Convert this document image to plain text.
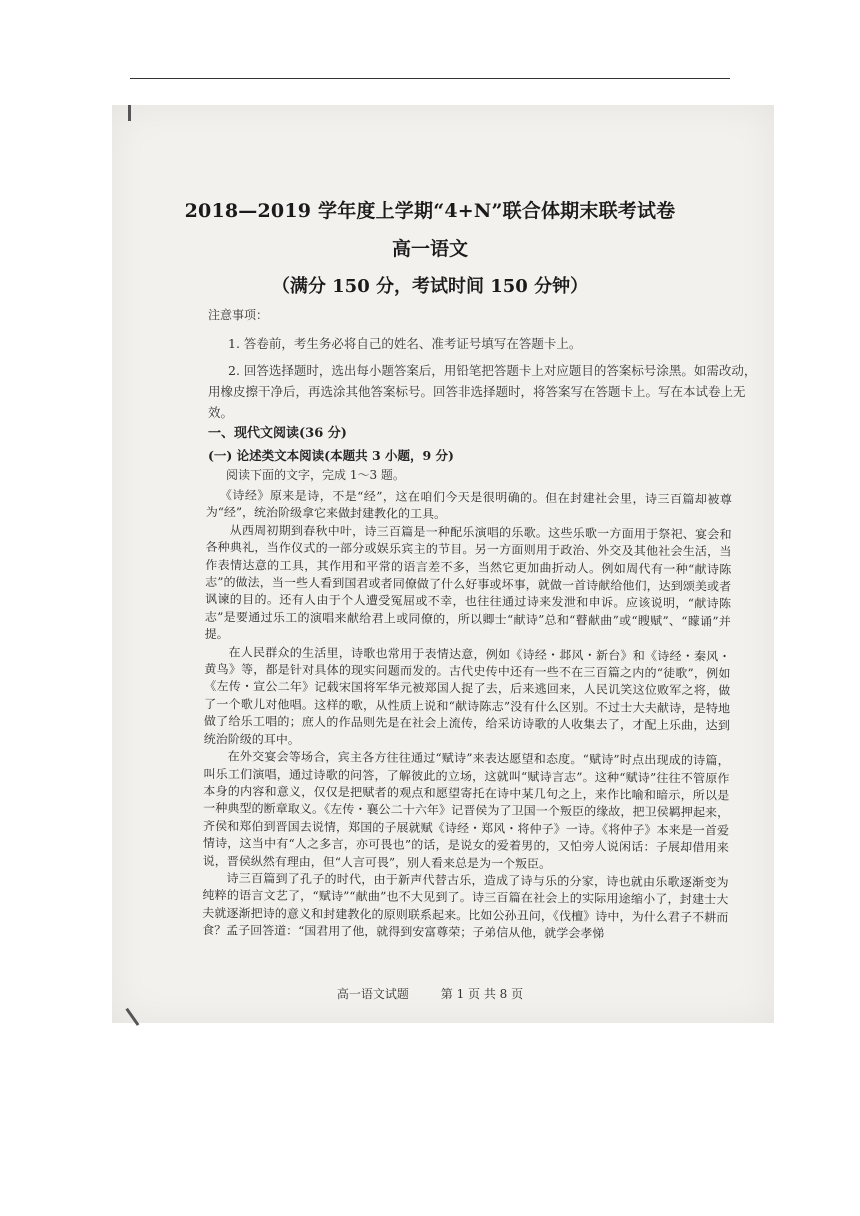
2018—2019 学年度上学期“4+N”联合体期末联考试卷
高一语文
（满分 150 分，考试时间 150 分钟）
注意事项：
1. 答卷前，考生务必将自己的姓名、准考证号填写在答题卡上。
2. 回答选择题时，选出每小题答案后，用铅笔把答题卡上对应题目的答案标号涂黑。如需改动，用橡皮擦干净后，再选涂其他答案标号。回答非选择题时，将答案写在答题卡上。写在本试卷上无效。
一、现代文阅读(36 分)
(一) 论述类文本阅读(本题共 3 小题，9 分)
阅读下面的文字，完成 1～3 题。

《诗经》原来是诗，不是“经”，这在咱们今天是很明确的。但在封建社会里，诗三百篇却被尊为“经”，统治阶级拿它来做封建教化的工具。

从西周初期到春秋中叶，诗三百篇是一种配乐演唱的乐歌。这些乐歌一方面用于祭祀、宴会和各种典礼，当作仪式的一部分或娱乐宾主的节目。另一方面则用于政治、外交及其他社会生活，当作表情达意的工具，其作用和平常的语言差不多，当然它更加曲折动人。例如周代有一种“献诗陈志”的做法，当一些人看到国君或者同僚做了什么好事或坏事，就做一首诗献给他们，达到颂美或者讽谏的目的。还有人由于个人遭受冤屈或不幸，也往往通过诗来发泄和申诉。应该说明，“献诗陈志”是要通过乐工的演唱来献给君上或同僚的，所以卿士“献诗”总和“瞽献曲”或“瞍赋”、“矇诵”并提。

在人民群众的生活里，诗歌也常用于表情达意，例如《诗经・邶风・新台》和《诗经・秦风・黄鸟》等，都是针对具体的现实问题而发的。古代史传中还有一些不在三百篇之内的“徒歌”，例如《左传・宣公二年》记载宋国将军华元被郑国人捉了去，后来逃回来，人民讥笑这位败军之将，做了一个歌儿对他唱。这样的歌，从性质上说和“献诗陈志”没有什么区别。不过士大夫献诗，是特地做了给乐工唱的；庶人的作品则先是在社会上流传，给采访诗歌的人收集去了，才配上乐曲，达到统治阶级的耳中。

在外交宴会等场合，宾主各方往往通过“赋诗”来表达愿望和态度。“赋诗”时点出现成的诗篇，叫乐工们演唱，通过诗歌的问答，了解彼此的立场，这就叫“赋诗言志”。这种“赋诗”往往不管原作本身的内容和意义，仅仅是把赋者的观点和愿望寄托在诗中某几句之上，来作比喻和暗示，所以是一种典型的断章取义。《左传・襄公二十六年》记晋侯为了卫国一个叛臣的缘故，把卫侯羁押起来，齐侯和郑伯到晋国去说情，郑国的子展就赋《诗经・郑风・将仲子》一诗。《将仲子》本来是一首爱情诗，这当中有“人之多言，亦可畏也”的话，是说女的爱着男的，又怕旁人说闲话：子展却借用来说，晋侯纵然有理由，但“人言可畏”，别人看来总是为一个叛臣。

诗三百篇到了孔子的时代，由于新声代替古乐，造成了诗与乐的分家，诗也就由乐歌逐渐变为纯粹的语言文艺了，“赋诗”“献曲”也不大见到了。诗三百篇在社会上的实际用途缩小了，封建士大夫就逐渐把诗的意义和封建教化的原则联系起来。比如公孙丑问，《伐檀》诗中，为什么君子不耕而食？孟子回答道：“国君用了他，就得到安富尊荣；子弟信从他，就学会孝悌

高一语文试题	第 1 页 共 8 页
